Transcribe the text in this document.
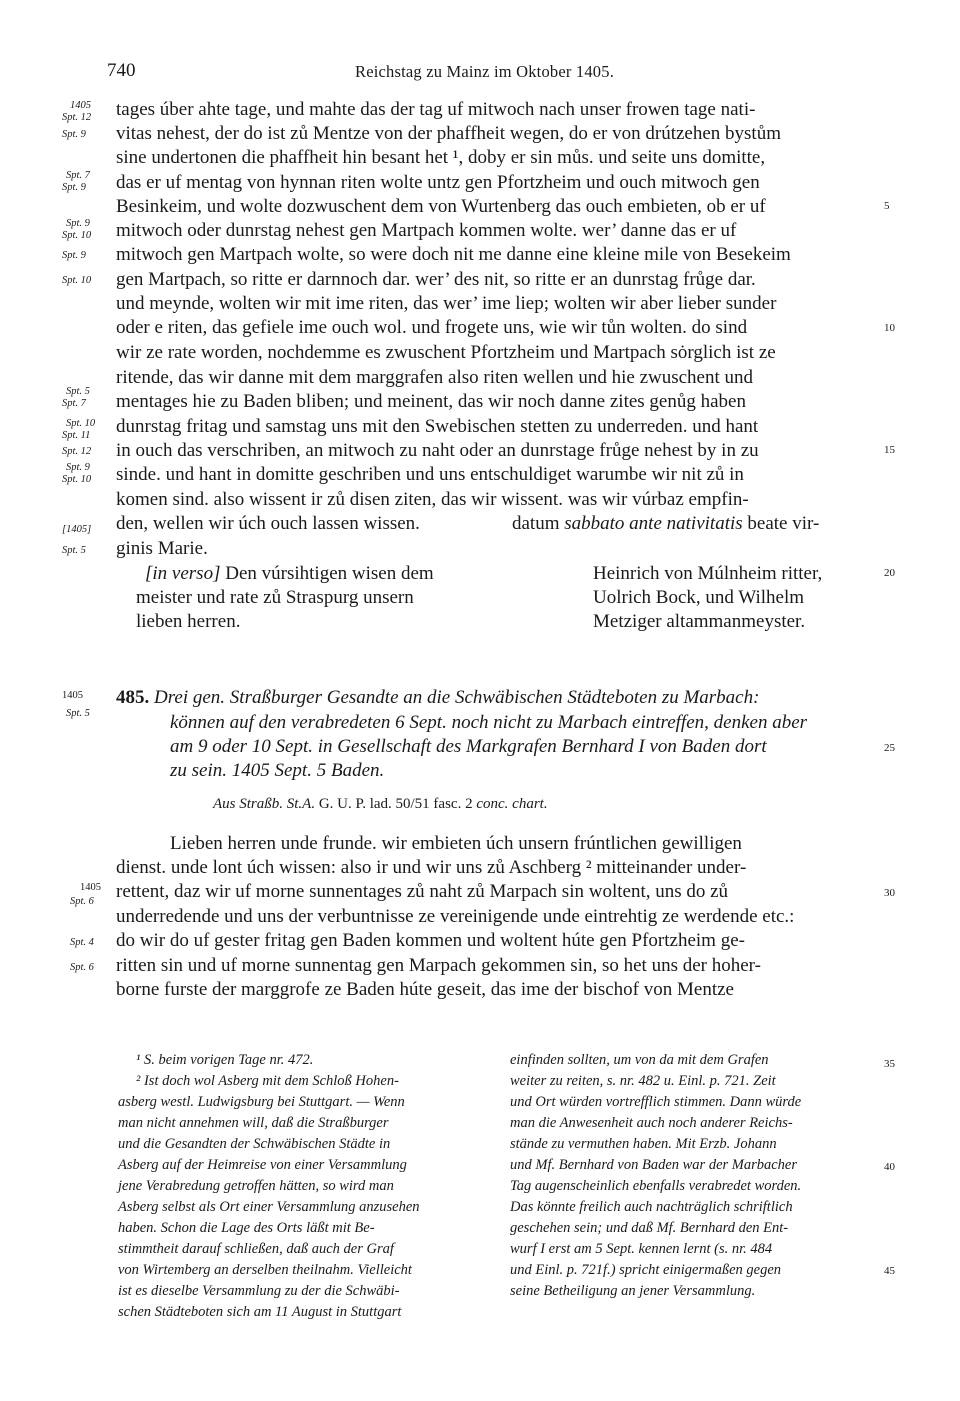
740	Reichstag zu Mainz im Oktober 1405.
tages úber ahte tage, und mahte das der tag uf mitwoch nach unser frowen tage nati-
vitas nehest, der do ist zů Mentze von der phaffheit wegen, do er von drútzehen bystům
sine undertonen die phaffheit hin besant het ¹, doby er sin můs. und seite uns domitte,
das er uf mentag von hynnan riten wolte untz gen Pfortzheim und ouch mitwoch gen
Besinkeim, und wolte dozwuschent dem von Wurtenberg das ouch embieten, ob er uf
mitwoch oder dunrstag nehest gen Martpach kommen wolte. wer’ danne das er uf
mitwoch gen Martpach wolte, so were doch nit me danne eine kleine mile von Besekeim
gen Martpach, so ritte er darnnoch dar. wer’ des nit, so ritte er an dunrstag frůge dar.
und meynde, wolten wir mit ime riten, das wer’ ime liep; wolten wir aber lieber sunder
oder e riten, das gefiele ime ouch wol. und frogete uns, wie wir tůn wolten. do sind
wir ze rate worden, nochdemme es zwuschent Pfortzheim und Martpach sȯrglich ist ze
ritende, das wir danne mit dem marggrafen also riten wellen und hie zwuschent und
mentages hie zu Baden bliben; und meinent, das wir noch danne zites genůg haben
dunrstag fritag und samstag uns mit den Swebischen stetten zu underreden. und hant
in ouch das verschriben, an mitwoch zu naht oder an dunrstage frůge nehest by in zu
sinde. und hant in domitte geschriben und uns entschuldiget warumbe wir nit zů in
komen sind. also wissent ir zů disen ziten, das wir wissent. was wir vúrbaz empfin-
den, wellen wir úch ouch lassen wissen.	datum sabbato ante nativitatis beate vir-
ginis Marie.
[in verso] Den vúrsihtigen wisen dem
meister und rate zů Straspurg unsern
lieben herren.
Heinrich von Múlnheim ritter,
Uolrich Bock, und Wilhelm
Metziger altammanmeyster.
1405
Spt. 12
Spt. 9
Spt. 7
Spt. 9
Spt. 9
Spt. 10
Spt. 9
Spt. 10
Spt. 5
Spt. 7
Spt. 10
Spt. 11
Spt. 12
Spt. 9
Spt. 10
[1405]
Spt. 5
5
10
15
20
25
30
35
40
45
1405
Spt. 5
485. Drei gen. Straßburger Gesandte an die Schwäbischen Städteboten zu Marbach:
können auf den verabredeten 6 Sept. noch nicht zu Marbach eintreffen, denken aber
am 9 oder 10 Sept. in Gesellschaft des Markgrafen Bernhard I von Baden dort
zu sein. 1405 Sept. 5 Baden.
Aus Straßb. St.A. G. U. P. lad. 50/51 fasc. 2 conc. chart.
Lieben herren unde frunde. wir embieten úch unsern frúntlichen gewilligen
dienst. unde lont úch wissen: also ir und wir uns zů Aschberg ² mitteinander under-
rettent, daz wir uf morne sunnentages zů naht zů Marpach sin woltent, uns do zů
underredende und uns der verbuntnisse ze vereinigende unde eintrehtig ze werdende etc.:
do wir do uf gester fritag gen Baden kommen und woltent húte gen Pfortzheim ge-
ritten sin und uf morne sunnentag gen Marpach gekommen sin, so het uns der hoher-
borne furste der marggrofe ze Baden húte geseit, das ime der bischof von Mentze
1405
Spt. 6
Spt. 4
Spt. 6
¹ S. beim vorigen Tage nr. 472.
² Ist doch wol Asberg mit dem Schloß Hohen-
asberg westl. Ludwigsburg bei Stuttgart. — Wenn
man nicht annehmen will, daß die Straßburger
und die Gesandten der Schwäbischen Städte in
Asberg auf der Heimreise von einer Versammlung
jene Verabredung getroffen hätten, so wird man
Asberg selbst als Ort einer Versammlung anzusehen
haben. Schon die Lage des Orts läßt mit Be-
stimmtheit darauf schließen, daß auch der Graf
von Wirtemberg an derselben theilnahm. Vielleicht
ist es dieselbe Versammlung zu der die Schwäbi-
schen Städteboten sich am 11 August in Stuttgart
einfinden sollten, um von da mit dem Grafen
weiter zu reiten, s. nr. 482 u. Einl. p. 721. Zeit
und Ort würden vortrefflich stimmen. Dann würde
man die Anwesenheit auch noch anderer Reichs-
stände zu vermuthen haben. Mit Erzb. Johann
und Mf. Bernhard von Baden war der Marbacher
Tag augenscheinlich ebenfalls verabredet worden.
Das könnte freilich auch nachträglich schriftlich
geschehen sein; und daß Mf. Bernhard den Ent-
wurf I erst am 5 Sept. kennen lernt (s. nr. 484
und Einl. p. 721f.) spricht einigermaßen gegen
seine Betheiligung an jener Versammlung.
